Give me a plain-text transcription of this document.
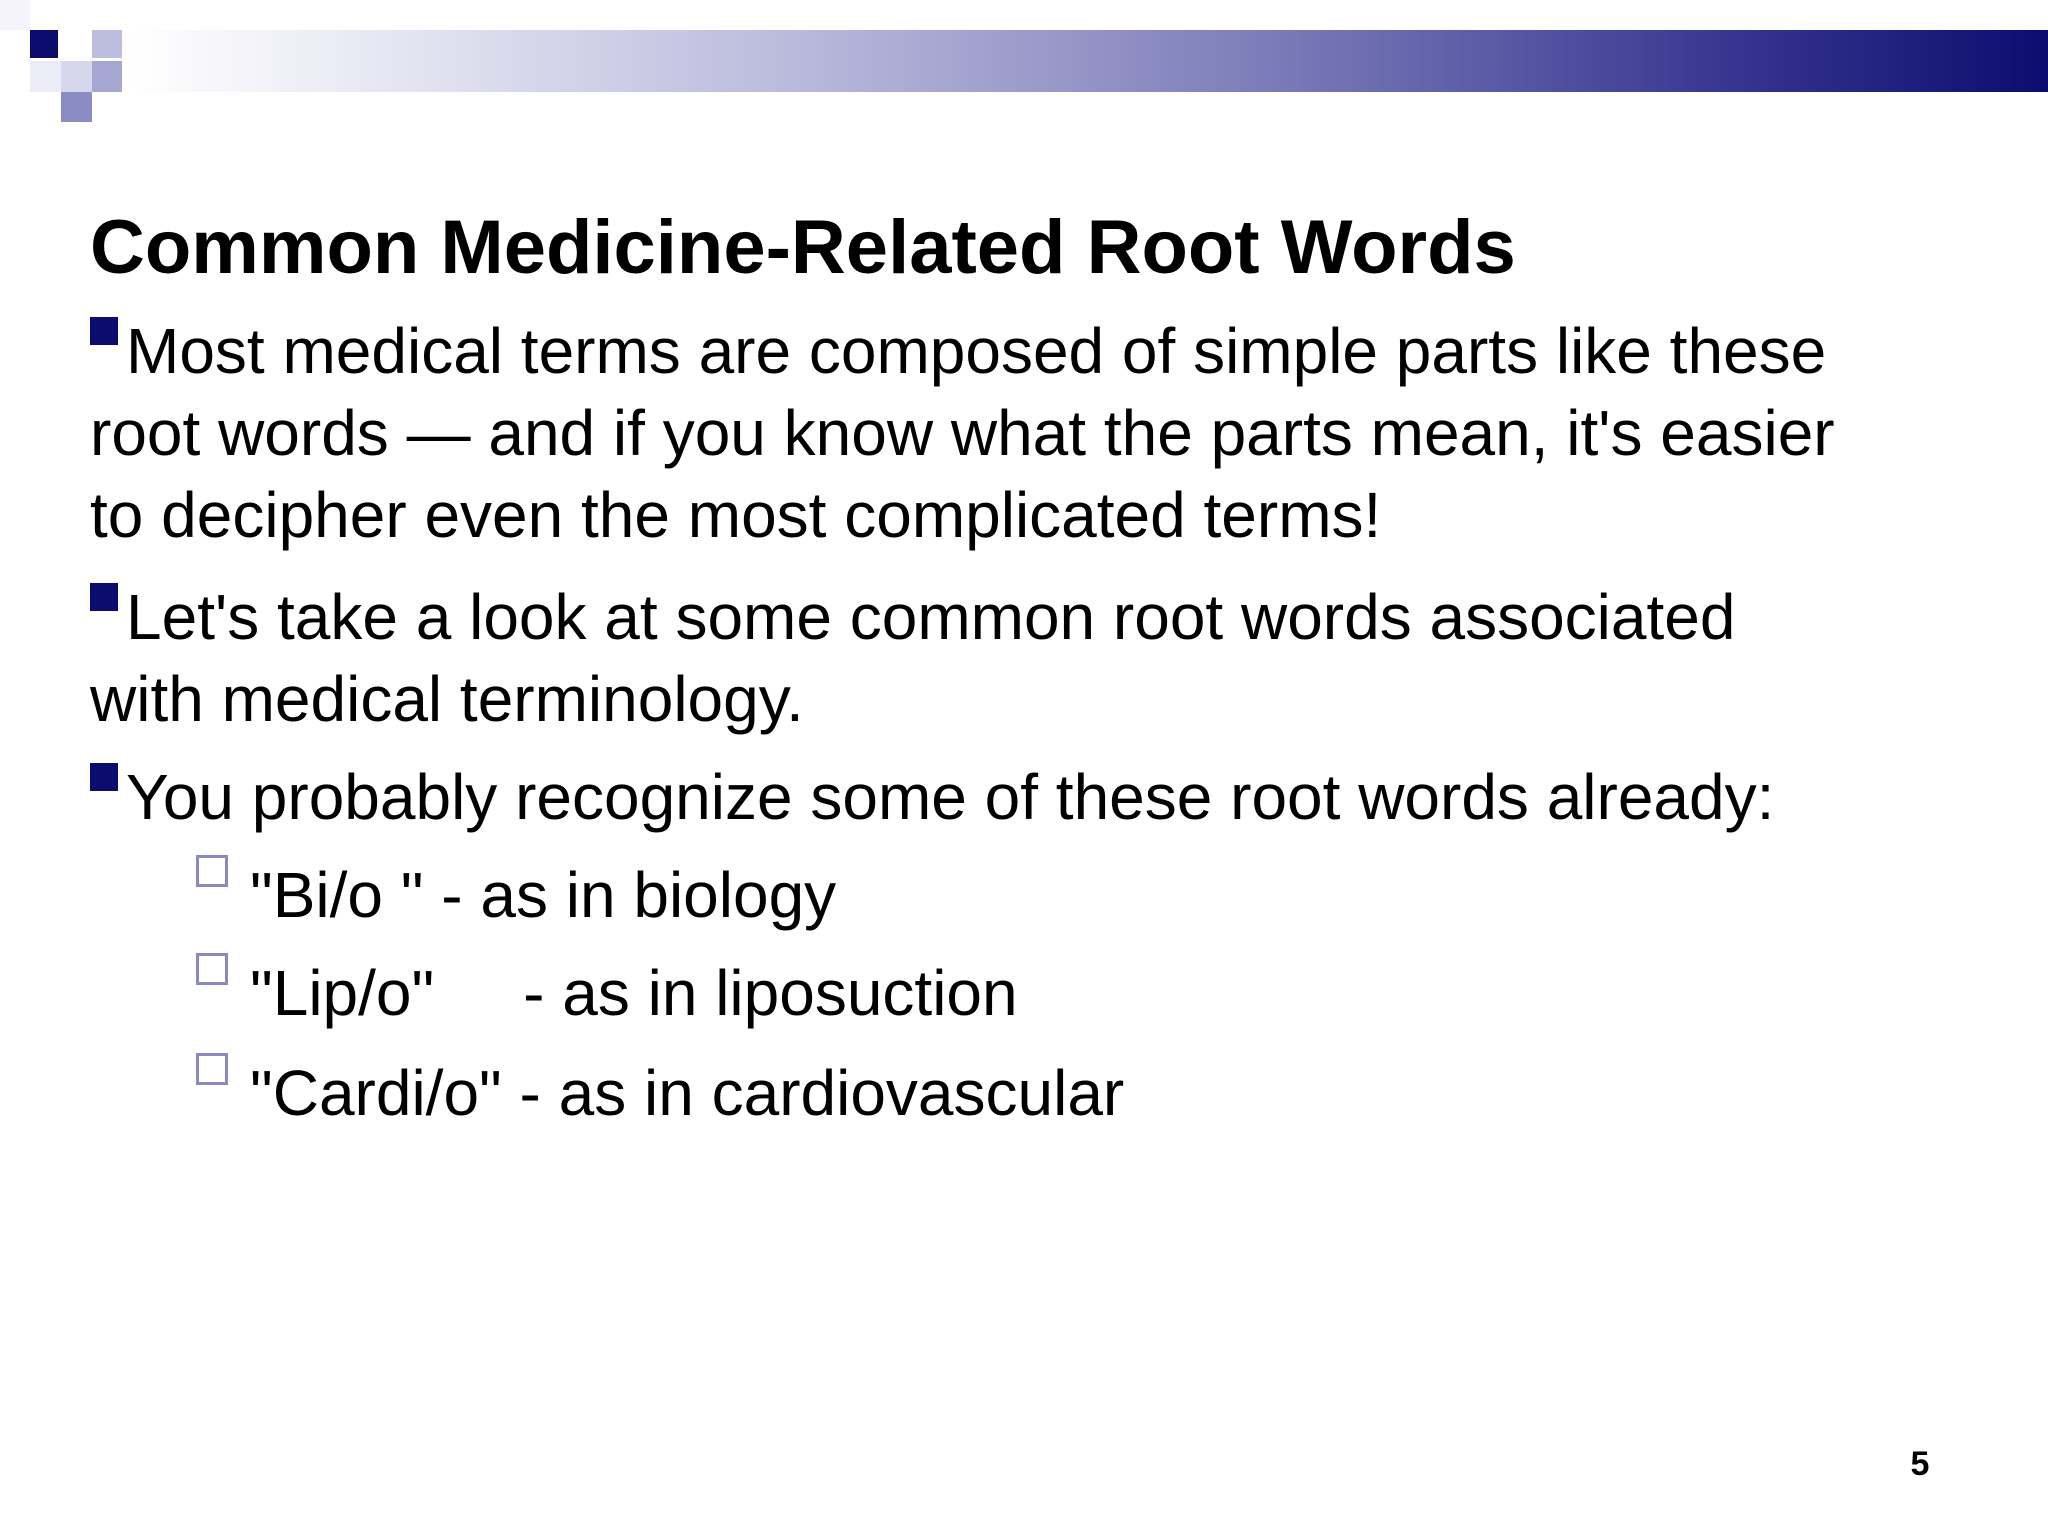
Common Medicine-Related Root Words
Most medical terms are composed of simple parts like these
root words — and if you know what the parts mean, it's easier
to decipher even the most complicated terms!
Let's take a look at some common root words associated
with medical terminology.
You probably recognize some of these root words already:
"Bi/o " - as in biology
"Lip/o"     - as in liposuction
"Cardi/o" - as in cardiovascular
5
